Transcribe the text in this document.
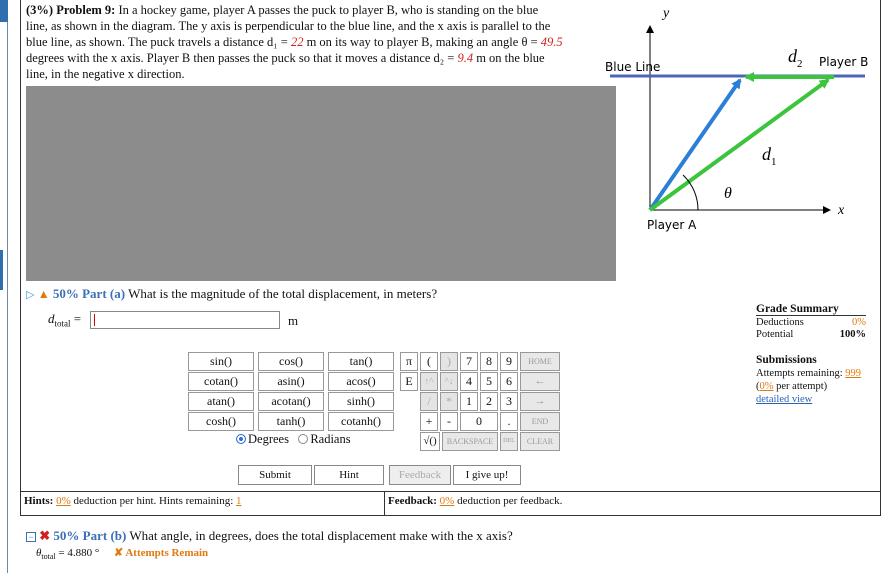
(3%) Problem 9: In a hockey game, player A passes the puck to player B, who is standing on the blue
line, as shown in the diagram. The y axis is perpendicular to the blue line, and the x axis is parallel to the
blue line, as shown. The puck travels a distance d₁ = 22 m on its way to player B, making an angle θ = 49.5
degrees with the x axis. Player B then passes the puck so that it moves a distance d₂ = 9.4 m on the blue
line, in the negative x direction.
y
x
Blue Line
Player A
Player B
$d_2$
$d_1$
θ
▷ ▲ 50% Part (a) What is the magnitude of the total displacement, in meters?
$d_{total}$ =	m
sin()	cos()	tan()
cotan()	asin()	acos()
atan()	acotan()	sinh()
cosh()	tanh()	cotanh()
π	(	)	7	8	9	HOME
E	↑^	^↓	4	5	6	←
/	*	1	2	3	→
+	-	0	.	END
√()	BACKSPACE	DEL	CLEAR
Degrees Radians
Submit	Hint	Feedback	I give up!
Hints: 0% deduction per hint. Hints remaining: 1	Feedback: 0% deduction per feedback.
Grade Summary
Deductions	0%
Potential	100%
Submissions
Attempts remaining: 999
(0% per attempt)
detailed view
− ✖ 50% Part (b) What angle, in degrees, does the total displacement make with the x axis?
$\theta_{total} = 4.880$ ° ✘ Attempts Remain
